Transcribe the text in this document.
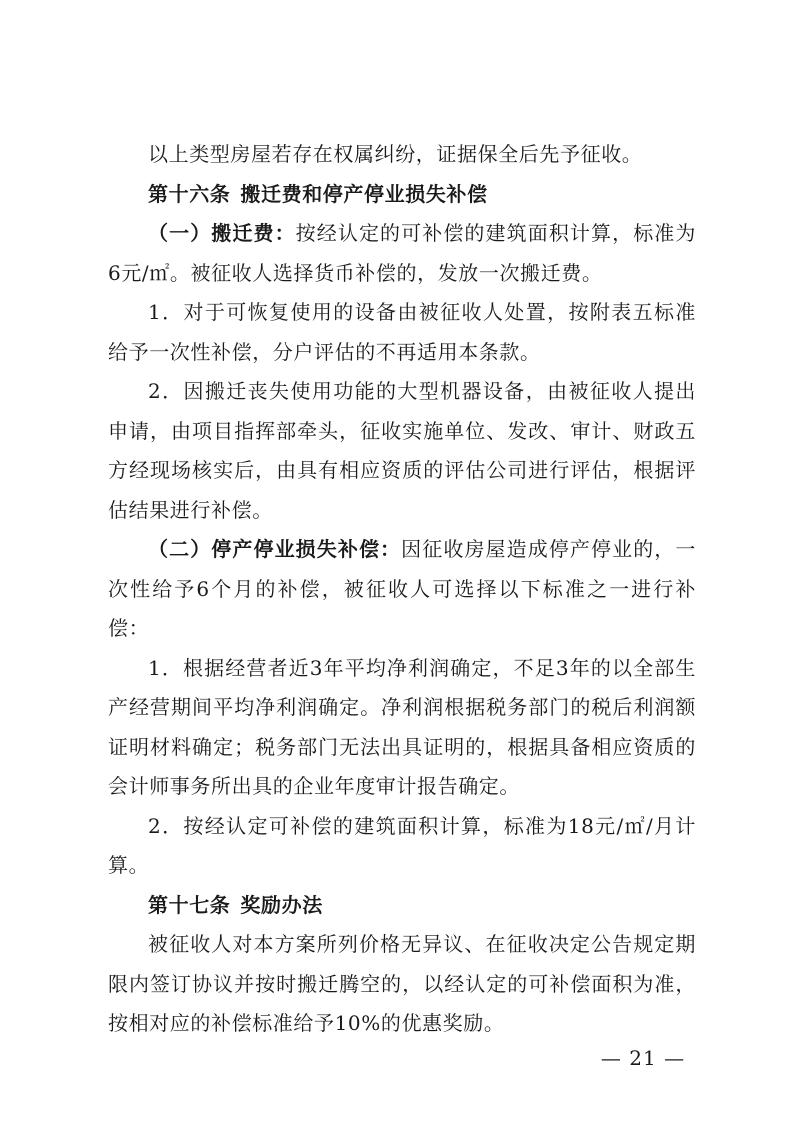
以上类型房屋若存在权属纠纷，证据保全后先予征收。

第十六条 搬迁费和停产停业损失补偿

（一）搬迁费：按经认定的可补偿的建筑面积计算，标准为6元/㎡。被征收人选择货币补偿的，发放一次搬迁费。

1．对于可恢复使用的设备由被征收人处置，按附表五标准给予一次性补偿，分户评估的不再适用本条款。

2．因搬迁丧失使用功能的大型机器设备，由被征收人提出申请，由项目指挥部牵头，征收实施单位、发改、审计、财政五方经现场核实后，由具有相应资质的评估公司进行评估，根据评估结果进行补偿。

（二）停产停业损失补偿：因征收房屋造成停产停业的，一次性给予6个月的补偿，被征收人可选择以下标准之一进行补偿：

1．根据经营者近3年平均净利润确定，不足3年的以全部生产经营期间平均净利润确定。净利润根据税务部门的税后利润额证明材料确定；税务部门无法出具证明的，根据具备相应资质的会计师事务所出具的企业年度审计报告确定。

2．按经认定可补偿的建筑面积计算，标准为18元/㎡/月计算。

第十七条 奖励办法

被征收人对本方案所列价格无异议、在征收决定公告规定期限内签订协议并按时搬迁腾空的，以经认定的可补偿面积为准，按相对应的补偿标准给予10%的优惠奖励。

— 21 —
